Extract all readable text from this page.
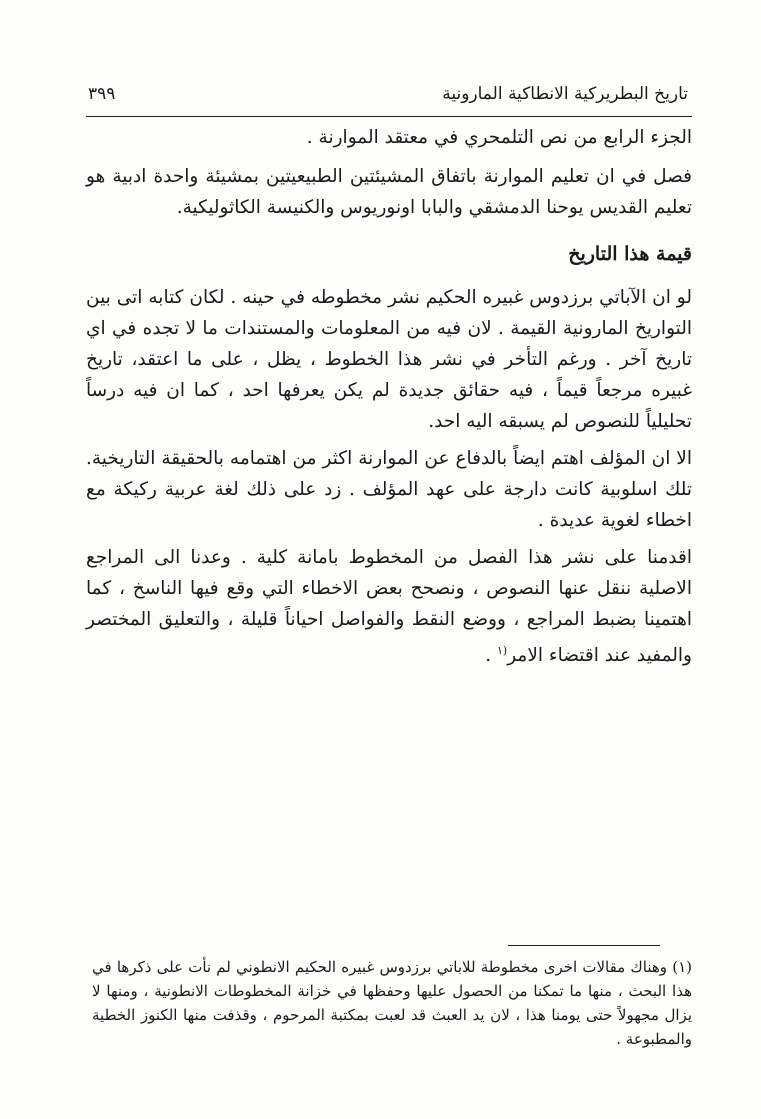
تاريخ البطريركية الانطاكية المارونية
٣٩٩

الجزء الرابع من نص التلمحري في معتقد الموارنة .

فصل في ان تعليم الموارنة باتفاق المشيئتين الطبيعيتين بمشيئة واحدة ادبية هو تعليم القديس يوحنا الدمشقي والبابا اونوريوس والكنيسة الكاثوليكية.

قيمة هذا التاريخ

لو ان الآباتي برزدوس غبيره الحكيم نشر مخطوطه في حينه . لكان كتابه اتى بين التواريخ المارونية القيمة . لان فيه من المعلومات والمستندات ما لا تجده في اي تاريخ آخر . ورغم التأخر في نشر هذا الخطوط ، يظل ، على ما اعتقد، تاريخ غبيره مرجعاً قيماً ، فيه حقائق جديدة لم يكن يعرفها احد ، كما ان فيه درساً تحليلياً للنصوص لم يسبقه اليه احد.

الا ان المؤلف اهتم ايضاً بالدفاع عن الموارنة اكثر من اهتمامه بالحقيقة التاريخية. تلك اسلوبية كانت دارجة على عهد المؤلف . زد على ذلك لغة عربية ركيكة مع اخطاء لغوية عديدة .

اقدمنا على نشر هذا الفصل من المخطوط بامانة كلية . وعدنا الى المراجع الاصلية ننقل عنها النصوص ، ونصحح بعض الاخطاء التي وقع فيها الناسخ ، كما اهتمينا بضبط المراجع ، ووضع النقط والفواصل احياناً قليلة ، والتعليق المختصر والمفيد عند اقتضاء الامر$^{(١}$ .

(١) وهناك مقالات اخرى مخطوطة للاباتي برزدوس غبيره الحكيم الانطوني لم نأت على ذكرها في هذا البحث ، منها ما تمكنا من الحصول عليها وحفظها في خزانة المخطوطات الانطونية ، ومنها لا يزال مجهولاً حتى يومنا هذا ، لان يد العبث قد لعبت بمكتبة المرحوم ، وقذفت منها الكنوز الخطية والمطبوعة .
